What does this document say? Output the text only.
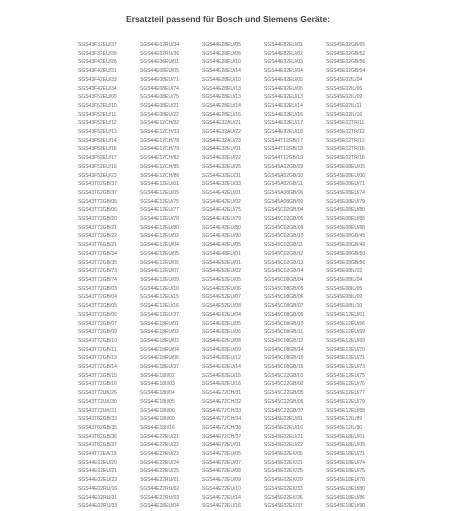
Ersatzteil passend für Bosch und Siemens Geräte:
SGS43F32EU/37
SGS43F32EU/39
SGS43F42EU/26
SGS43F42EU/31
SGS43F42EU/33
SGS43F42EU/34
SGS43F52EU/09
SGS43F52EU/10
SGS43F52EU/11
SGS43F52EU/12
SGS43F52EU/13
SGS43F52EU/14
SGS43F52EU/16
SGS43F52EU/17
SGS43F52EU/19
SGS43F52EU/23
SGS43T02GB/37
SGS43T62GB/37
SGS43T72GB/05
SGS43T72GB/06
SGS43T72GB/20
SGS43T72GB/21
SGS43T72GB/22
SGS43T76GB/21
SGS43T72GB/34
SGS43T72GB/35
SGS43T72GB/73
SGS43T72GB/74
SGS43T72GB/03
SGS43T72GB/04
SGS43T72GB/05
SGS43T72GB/06
SGS43T72GB/07
SGS43T72GB/09
SGS43T72GB/10
SGS43T72GB/11
SGS43T72GB/13
SGS43T72GB/14
SGS43T72GB/15
SGS43T72GB/16
SGS43T72UK/26
SGS43T72UK/30
SGS43T72UK/31
SGS43T82GB/33
SGS43T82GB/35
SGS43T82GB/36
SGS43T82GB/37
SGS44T72EA/19
SGS44E02EU/20
SGS44E02EU/21
SGS44E02EU/23
SGS44E02RU/16
SGS44E02RU/31
SGS44E02RU/33
SGS44E02RU/34
SGS44E02RU/36
SGS44E06EU/01
SGS44E08EU/05
SGS44E08EU/71
SGS44E08EU/74
SGS44E08EU/75
SGS44E08EU/21
SGS44E08EU/22
SGS44E12CH/32
SGS44E12CH/33
SGS44E12CH/78
SGS44E12CH/79
SGS44E12CH/82
SGS44E12CH/85
SGS44E12CH/86
SGS44E12EU/01
SGS44E12EU/05
SGS44E12EU/75
SGS44E12EU/77
SGS44E12EU/78
SGS44E12EU/80
SGS44E12EU/02
SGS44E12EU/04
SGS44E12EU/05
SGS44E12EU/06
SGS44E12EU/07
SGS44E12EU/09
SGS44E12EU/10
SGS44E12EU/15
SGS44E12EU/16
SGS44E12EU/37
SGS44E18EU/01
SGS44E18EU/02
SGS44E18EU/03
SGS44E18EU/04
SGS44E18EU/06
SGS44E18EU/37
SGS44E18II/02
SGS44E18II/03
SGS44E18II/04
SGS44E18II/05
SGS44E18II/06
SGS44E18II/09
SGS44E18II/16
SGS44E22EU/21
SGS44E22EU/22
SGS44E22EU/23
SGS44E22EU/24
SGS44E22EU/25
SGS44E22RU/01
SGS44E22RU/02
SGS44E22RU/03
SGS44E28EU/04
SGS44E28EU/05
SGS44E28EU/06
SGS44E28EU/10
SGS44E28EU/14
SGS44E28EU/10
SGS44E28EU/13
SGS44E28EU/13
SGS44E28EU/14
SGS44E28EU/16
SGS44E32AU/21
SGS44E32AU/22
SGS44E32AU/23
SGS44E32EU/01
SGS44E32EU/22
SGS44E32EU/26
SGS44E32EU/31
SGS44E32EU/33
SGS44E42EU/01
SGS44E42EU/02
SGS44E42EU/75
SGS44E42EU/79
SGS44E42EU/80
SGS44E42EU/90
SGS44E42EU/05
SGS44E48EU/01
SGS44E52EU/01
SGS44E52EU/02
SGS44E52EU/05
SGS44E52EU/06
SGS44E52EU/07
SGS44E52EU/08
SGS44E62EU/04
SGS44E62EU/05
SGS44E62EU/06
SGS44E62EU/08
SGS44E62EU/09
SGS44E62EU/12
SGS44E62EU/14
SGS44E62EU/15
SGS44E62EU/16
SGS44E72CH/31
SGS44E72CH/32
SGS44E72CH/33
SGS44E72CH/34
SGS44E72CH/36
SGS44E72CH/37
SGS44E72EU/01
SGS44E72EU/05
SGS44E72EU/07
SGS44E72EU/08
SGS44E72EU/09
SGS44E72EU/10
SGS44E72EU/14
SGS44E72EU/16
SGS44E82EU/01
SGS44E82EU/02
SGS44E92EU/03
SGS44E92EU/04
SGS44E92EU/05
SGS44E92EU/06
SGS44E92EU/13
SGS44E92EU/14
SGS44E92EU/16
SGS44E92EU/17
SGS44E92EU/18
SGS44T12GB/17
SGS44T12GB/18
SGS44T12GB/19
SGS45A02GB/09
SGS45A02GB/10
SGS45A02GB/11
SGS45A08GB/06
SGS45A08GB/09
SGS45C02GB/04
SGS45C02GB/05
SGS45C02GB/09
SGS45C02GB/10
SGS45C02GB/11
SGS45C02GB/12
SGS45C02GB/13
SGS45C02GB/14
SGS45C08GB/04
SGS45C08GB/05
SGS45C08GB/06
SGS45C08GB/07
SGS45C08GB/09
SGS45C08GB/10
SGS45C08GB/11
SGS45C08GB/12
SGS45C08GB/14
SGS45C08GB/15
SGS45C08GB/16
SGS45C22GB/01
SGS45C22GB/02
SGS45C22GB/05
SGS45C22GB/06
SGS45C22GB/37
SGS45E02EU/01
SGS45E02EU/16
SGS45E02EU/21
SGS45E02EU/22
SGS45E02EX/05
SGS45E02EX/21
SGS45E02EX/25
SGS45E02EX/29
SGS45E02EX/33
SGS45E02EX/36
SGS45E02EX/37
SGS45E02GB/05
SGS45E02GB/52
SGS45E02GB/56
SGS45E02GB/04
SGS45E02IL/04
SGS45E02IL/06
SGS45E02IL/09
SGS45E02IL/11
SGS45E02IL/16
SGS45E02TR/11
SGS45E02TR/12
SGS45E02TR/13
SGS45E02TR/15
SGS45E02TR/16
SGS45E08EU/05
SGS45E08EU/06
SGS45E08EU/71
SGS45E08EU/74
SGS45E08EU/79
SGS45E08EU/80
SGS45E08EU/86
SGS45E08EU/88
SGS45E08GB/45
SGS45E08GB/46
SGS45E08GB/50
SGS45E08GB/56
SGS45E08IL/02
SGS45E08IL/04
SGS45E08IL/05
SGS45E08IL/09
SGS45E08IL/10
SGS45E12EU/01
SGS45E12EU/56
SGS45E12EU/59
SGS45E12EU/69
SGS45E12EU/70
SGS45E12EU/71
SGS45E12EU/73
SGS45E12EU/75
SGS45E12EU/76
SGS45E12EU/77
SGS45E12EU/79
SGS45E12EU/88
SGS45E12IL/89
SGS45E12IL/90
SGS45E18EU/01
SGS45E18EU/05
SGS45E18EU/71
SGS45E18EU/74
SGS45E18EU/75
SGS45E18EU/78
SGS45E18EU/80
SGS45E18EU/86
SGS45E18EU/90
